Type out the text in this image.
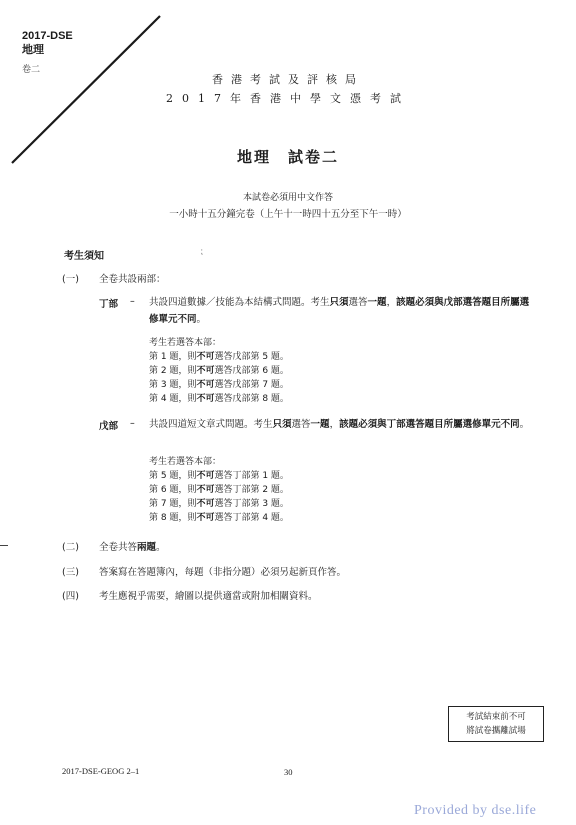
2017-DSE
地理
卷二
香港考試及評核局
2017年香港中學文憑考試
地理　試卷二
本試卷必須用中文作答
一小時十五分鐘完卷（上午十一時四十五分至下午一時）
考生須知	⁏
(一) 全卷共設兩部：
丁部 – 共設四道數據／技能為本結構式問題。考生只須選答一題，該題必須與戊部選答題目所屬選修單元不同。
考生若選答本部：
第 1 題，則不可選答戊部第 5 題。
第 2 題，則不可選答戊部第 6 題。
第 3 題，則不可選答戊部第 7 題。
第 4 題，則不可選答戊部第 8 題。
戊部 – 共設四道短文章式問題。考生只須選答一題，該題必須與丁部選答題目所屬選修單元不同。
考生若選答本部：
第 5 題，則不可選答丁部第 1 題。
第 6 題，則不可選答丁部第 2 題。
第 7 題，則不可選答丁部第 3 題。
第 8 題，則不可選答丁部第 4 題。
(二) 全卷共答兩題。
(三) 答案寫在答題簿內，每題（非指分題）必須另起新頁作答。
(四) 考生應視乎需要，繪圖以提供適當或附加相關資料。
考試結束前不可
將試卷攜離試場
2017-DSE-GEOG 2–1	30
Provided by dse.life
